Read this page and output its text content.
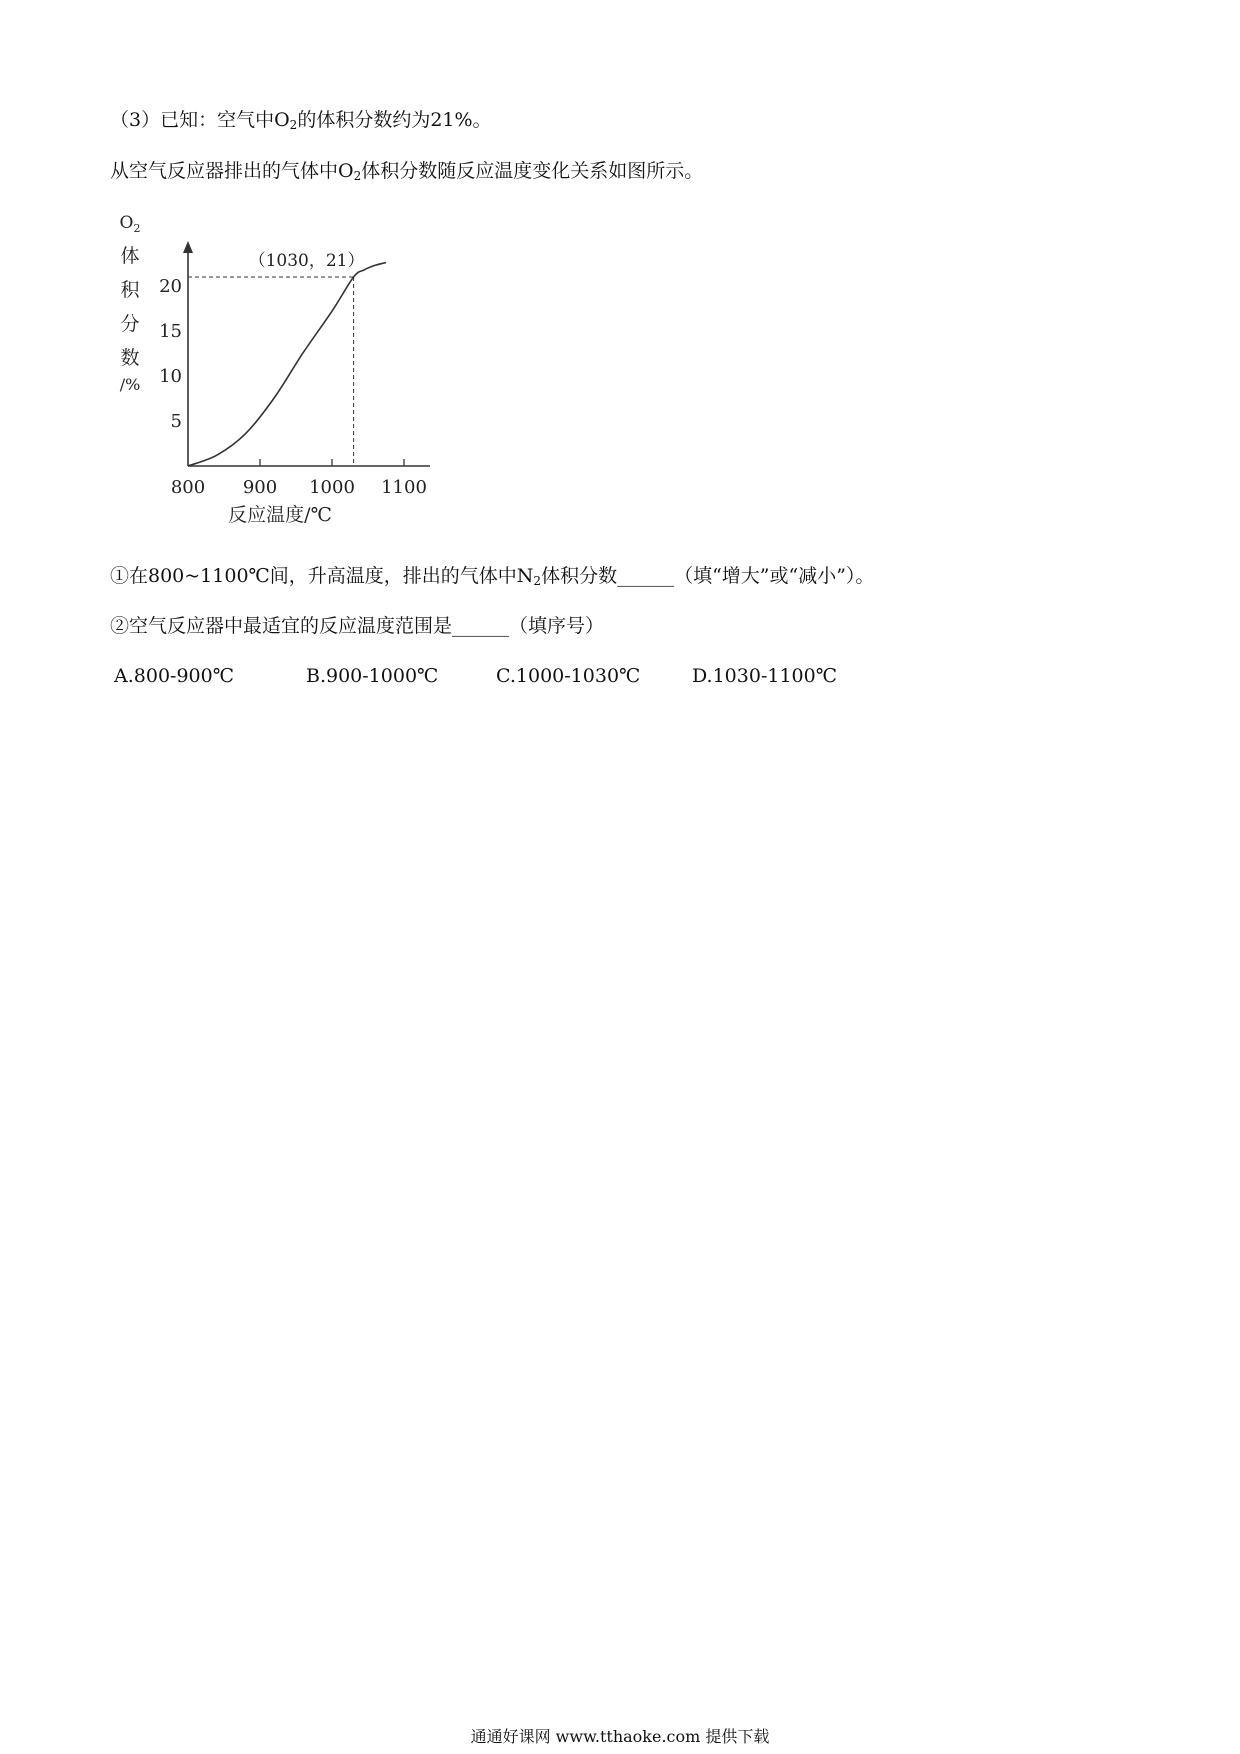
（3）已知：空气中$O_2$的体积分数约为21%。
从空气反应器排出的气体中$O_2$体积分数随反应温度变化关系如图所示。
$O_2$
体
积
分
数
/%
800 900 1000 1100
5
10
15
20
（1030，21）
反应温度/℃
①在800~1100℃间，升高温度，排出的气体中$N_2$体积分数______（填“增大”或“减小”）。
②空气反应器中最适宜的反应温度范围是______（填序号）
A.800-900℃	B.900-1000℃	C.1000-1030℃	D.1030-1100℃
通通好课网 www.tthaoke.com 提供下载
